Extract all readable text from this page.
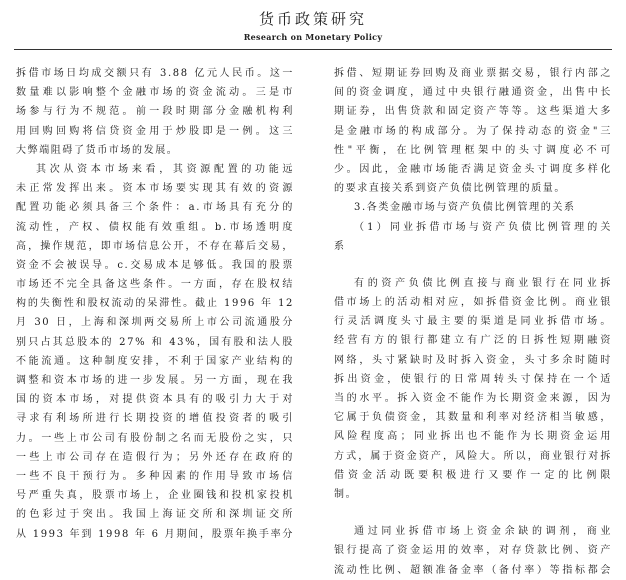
货币政策研究
Research on Monetary Policy
拆借市场日均成交额只有 3.88 亿元人民币。这一
数量难以影响整个金融市场的资金流动。三是市
场参与行为不规范。前一段时期部分金融机构利
用回购回购将信贷资金用于炒股即是一例。这三
大弊端阻碍了货币市场的发展。
其次从资本市场来看，其资源配置的功能远
未正常发挥出来。资本市场要实现其有效的资源
配置功能必须具备三个条件：a.市场具有充分的
流动性，产权、债权能有效重组。b.市场透明度
高，操作规范，即市场信息公开，不存在幕后交易，
资金不会被误导。c.交易成本足够低。我国的股票
市场还不完全具备这些条件。一方面，存在股权结
构的失衡性和股权流动的呆滞性。截止 1996 年 12
月 30 日，上海和深圳两交易所上市公司流通股分
别只占其总股本的 27% 和 43%，国有股和法人股
不能流通。这种制度安排，不利于国家产业结构的
调整和资本市场的进一步发展。另一方面，现在我
国的资本市场，对提供资本具有的吸引力大于对
寻求有利场所进行长期投资的增值投资者的吸引
力。一些上市公司有股份制之名而无股份之实，只
一些上市公司存在造假行为；另外还存在政府的
一些不良干预行为。多种因素的作用导致市场信
号严重失真，股票市场上，企业圈钱和投机家投机
的色彩过于突出。我国上海证交所和深圳证交所
从 1993 年到 1998 年 6 月期间，股票年换手率分
拆借、短期证券回购及商业票据交易，银行内部之
间的资金调度，通过中央银行融通资金，出售中长
期证券，出售贷款和固定资产等等。这些渠道大多
是金融市场的构成部分。为了保持动态的资金"三
性"平衡，在比例管理框架中的头寸调度必不可
少。因此，金融市场能否满足资金头寸调度多样化
的要求直接关系到资产负债比例管理的质量。
3.各类金融市场与资产负债比例管理的关系
（1）同业拆借市场与资产负债比例管理的关
系
有的资产负债比例直接与商业银行在同业拆
借市场上的活动相对应，如拆借资金比例。商业银
行灵活调度头寸最主要的渠道是同业拆借市场。
经营有方的银行都建立有广泛的日拆性短期融资
网络，头寸紧缺时及时拆入资金，头寸多余时随时
拆出资金，使银行的日常周转头寸保持在一个适
当的水平。拆入资金不能作为长期资金来源，因为
它属于负债资金，其数量和利率对经济相当敏感，
风险程度高；同业拆出也不能作为长期资金运用
方式，属于资金资产，风险大。所以，商业银行对拆
借资金活动既要积极进行又要作一定的比例限
制。
通过同业拆借市场上资金余缺的调剂，商业
银行提高了资金运用的效率，对存贷款比例、资产
流动性比例、超额准备金率（备付率）等指标都会
